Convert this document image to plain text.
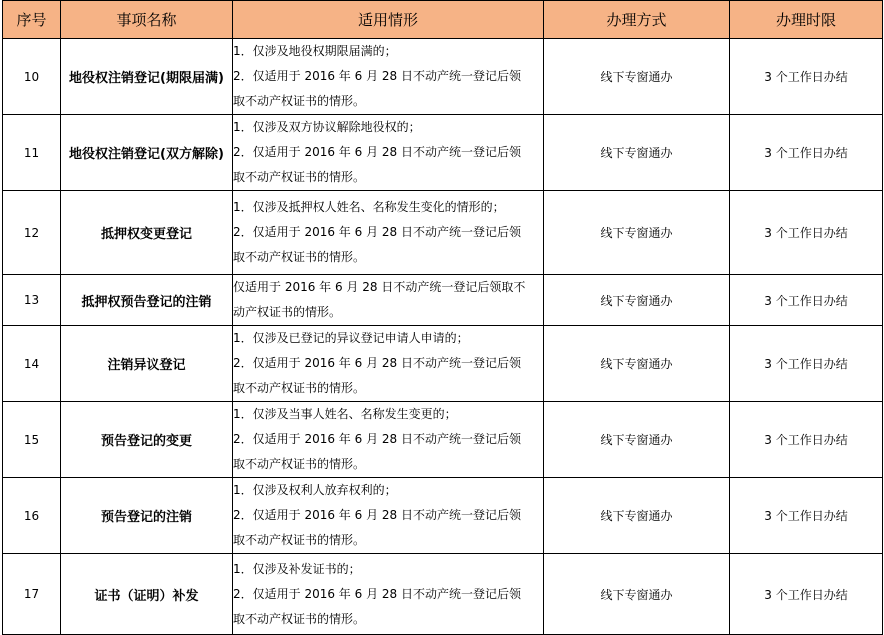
序号	事项名称	适用情形	办理方式	办理时限
10	地役权注销登记(期限届满)	1．仅涉及地役权期限届满的；
2．仅适用于 2016 年 6 月 28 日不动产统一登记后领
取不动产权证书的情形。	线下专窗通办	3 个工作日办结
11	地役权注销登记(双方解除)	1．仅涉及双方协议解除地役权的；
2．仅适用于 2016 年 6 月 28 日不动产统一登记后领
取不动产权证书的情形。	线下专窗通办	3 个工作日办结
12	抵押权变更登记	1．仅涉及抵押权人姓名、名称发生变化的情形的；
2．仅适用于 2016 年 6 月 28 日不动产统一登记后领
取不动产权证书的情形。	线下专窗通办	3 个工作日办结
13	抵押权预告登记的注销	仅适用于 2016 年 6 月 28 日不动产统一登记后领取不
动产权证书的情形。	线下专窗通办	3 个工作日办结
14	注销异议登记	1．仅涉及已登记的异议登记申请人申请的；
2．仅适用于 2016 年 6 月 28 日不动产统一登记后领
取不动产权证书的情形。	线下专窗通办	3 个工作日办结
15	预告登记的变更	1．仅涉及当事人姓名、名称发生变更的；
2．仅适用于 2016 年 6 月 28 日不动产统一登记后领
取不动产权证书的情形。	线下专窗通办	3 个工作日办结
16	预告登记的注销	1．仅涉及权利人放弃权利的；
2．仅适用于 2016 年 6 月 28 日不动产统一登记后领
取不动产权证书的情形。	线下专窗通办	3 个工作日办结
17	证书（证明）补发	1．仅涉及补发证书的；
2．仅适用于 2016 年 6 月 28 日不动产统一登记后领
取不动产权证书的情形。	线下专窗通办	3 个工作日办结
